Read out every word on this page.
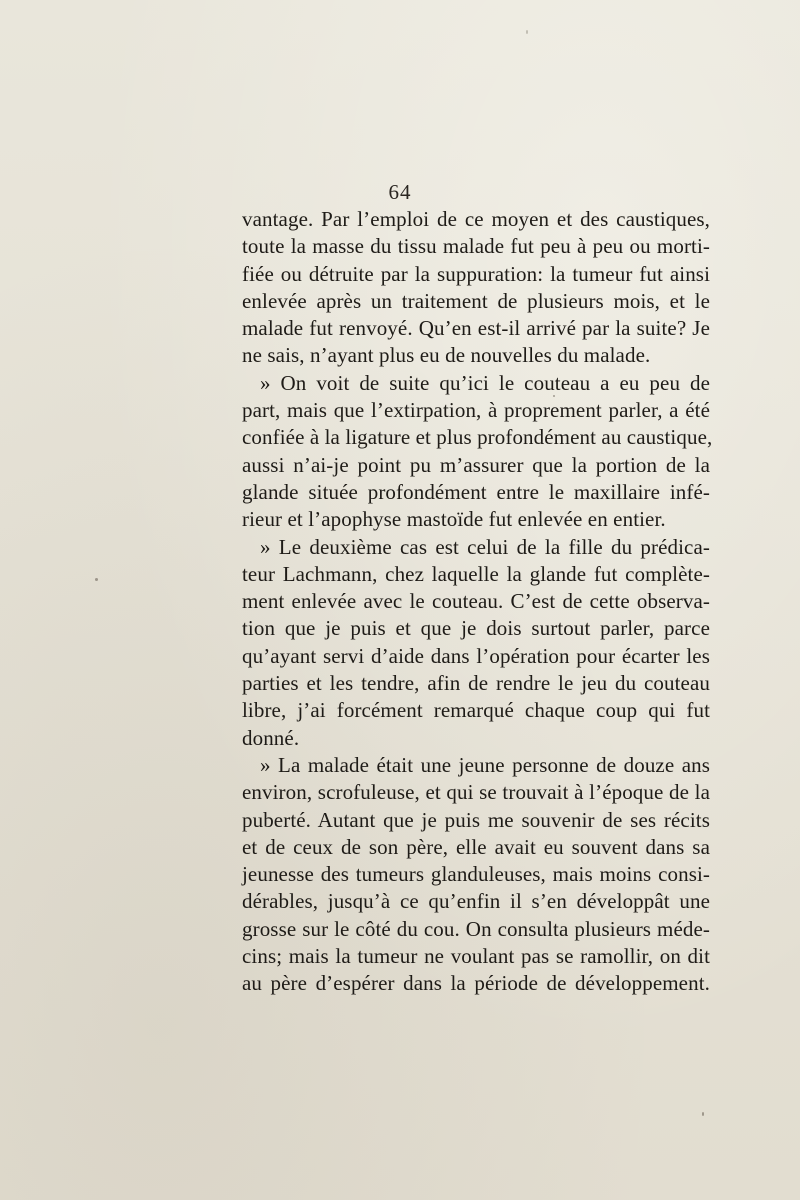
64
vantage. Par l’emploi de ce moyen et des caustiques,
toute la masse du tissu malade fut peu à peu ou morti-
fiée ou détruite par la suppuration: la tumeur fut ainsi
enlevée après un traitement de plusieurs mois, et le
malade fut renvoyé. Qu’en est-il arrivé par la suite? Je
ne sais, n’ayant plus eu de nouvelles du malade.
» On voit de suite qu’ici le couteau a eu peu de
part, mais que l’extirpation, à proprement parler, a été
confiée à la ligature et plus profondément au caustique,
aussi n’ai-je point pu m’assurer que la portion de la
glande située profondément entre le maxillaire infé-
rieur et l’apophyse mastoïde fut enlevée en entier.
» Le deuxième cas est celui de la fille du prédica-
teur Lachmann, chez laquelle la glande fut complète-
ment enlevée avec le couteau. C’est de cette observa-
tion que je puis et que je dois surtout parler, parce
qu’ayant servi d’aide dans l’opération pour écarter les
parties et les tendre, afin de rendre le jeu du couteau
libre, j’ai forcément remarqué chaque coup qui fut
donné.
» La malade était une jeune personne de douze ans
environ, scrofuleuse, et qui se trouvait à l’époque de la
puberté. Autant que je puis me souvenir de ses récits
et de ceux de son père, elle avait eu souvent dans sa
jeunesse des tumeurs glanduleuses, mais moins consi-
dérables, jusqu’à ce qu’enfin il s’en développât une
grosse sur le côté du cou. On consulta plusieurs méde-
cins; mais la tumeur ne voulant pas se ramollir, on dit
au père d’espérer dans la période de développement.
